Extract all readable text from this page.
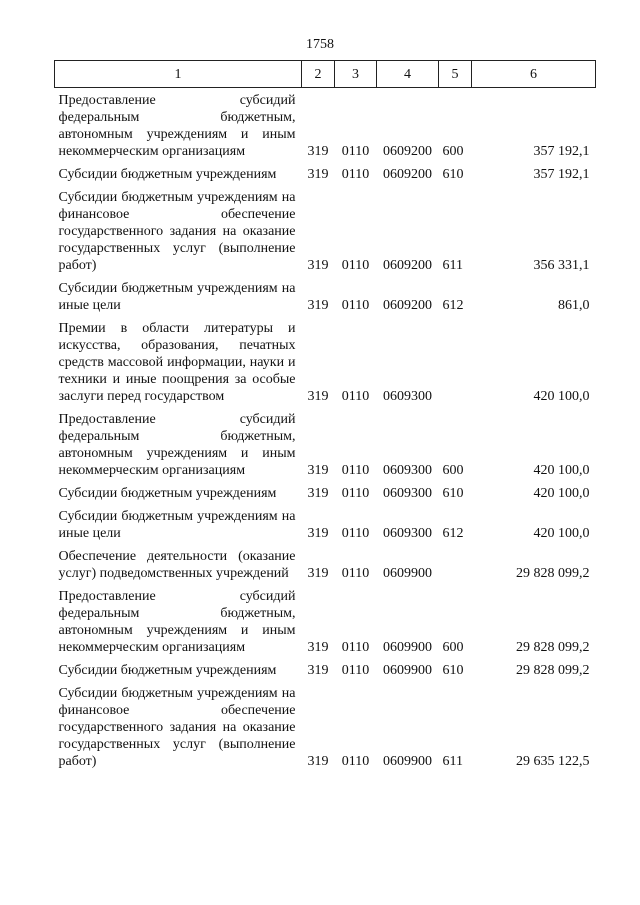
1758
1	2	3	4	5	6
Предоставление субсидий федеральным бюджетным, автономным учреждениям и иным некоммерческим организациям	319	0110	0609200	600	357 192,1
Субсидии бюджетным учреждениям	319	0110	0609200	610	357 192,1
Субсидии бюджетным учреждениям на финансовое обеспечение государственного задания на оказание государственных услуг (выполнение работ)	319	0110	0609200	611	356 331,1
Субсидии бюджетным учреждениям на иные цели	319	0110	0609200	612	861,0
Премии в области литературы и искусства, образования, печатных средств массовой информации, науки и техники и иные поощрения за особые заслуги перед государством	319	0110	0609300		420 100,0
Предоставление субсидий федеральным бюджетным, автономным учреждениям и иным некоммерческим организациям	319	0110	0609300	600	420 100,0
Субсидии бюджетным учреждениям	319	0110	0609300	610	420 100,0
Субсидии бюджетным учреждениям на иные цели	319	0110	0609300	612	420 100,0
Обеспечение деятельности (оказание услуг) подведомственных учреждений	319	0110	0609900		29 828 099,2
Предоставление субсидий федеральным бюджетным, автономным учреждениям и иным некоммерческим организациям	319	0110	0609900	600	29 828 099,2
Субсидии бюджетным учреждениям	319	0110	0609900	610	29 828 099,2
Субсидии бюджетным учреждениям на финансовое обеспечение государственного задания на оказание государственных услуг (выполнение работ)	319	0110	0609900	611	29 635 122,5
